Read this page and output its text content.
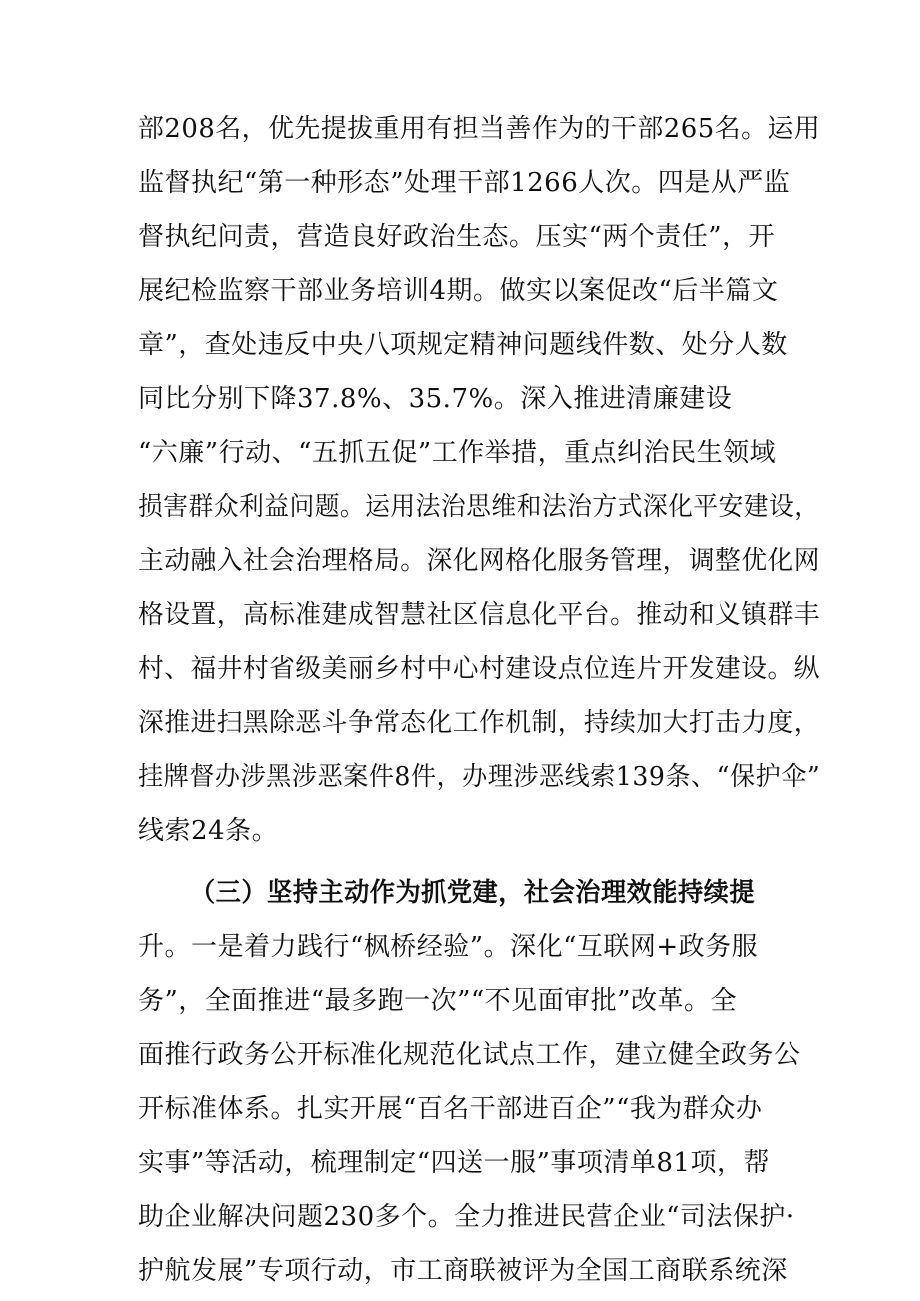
部208名，优先提拔重用有担当善作为的干部265名。运用
监督执纪“第一种形态”处理干部1266人次。四是从严监
督执纪问责，营造良好政治生态。压实“两个责任”，开
展纪检监察干部业务培训4期。做实以案促改“后半篇文
章”，查处违反中央八项规定精神问题线件数、处分人数
同比分别下降37.8%、35.7%。深入推进清廉建设
“六廉”行动、“五抓五促”工作举措，重点纠治民生领域
损害群众利益问题。运用法治思维和法治方式深化平安建设，
主动融入社会治理格局。深化网格化服务管理，调整优化网
格设置，高标准建成智慧社区信息化平台。推动和义镇群丰
村、福井村省级美丽乡村中心村建设点位连片开发建设。纵
深推进扫黑除恶斗争常态化工作机制，持续加大打击力度，
挂牌督办涉黑涉恶案件8件，办理涉恶线索139条、“保护伞”
线索24条。
（三）坚持主动作为抓党建，社会治理效能持续提
升。一是着力践行“枫桥经验”。深化“互联网+政务服
务”，全面推进“最多跑一次”“不见面审批”改革。全
面推行政务公开标准化规范化试点工作，建立健全政务公
开标准体系。扎实开展“百名干部进百企”“我为群众办
实事”等活动，梳理制定“四送一服”事项清单81项，帮
助企业解决问题230多个。全力推进民营企业“司法保护·
护航发展”专项行动，市工商联被评为全国工商联系统深
